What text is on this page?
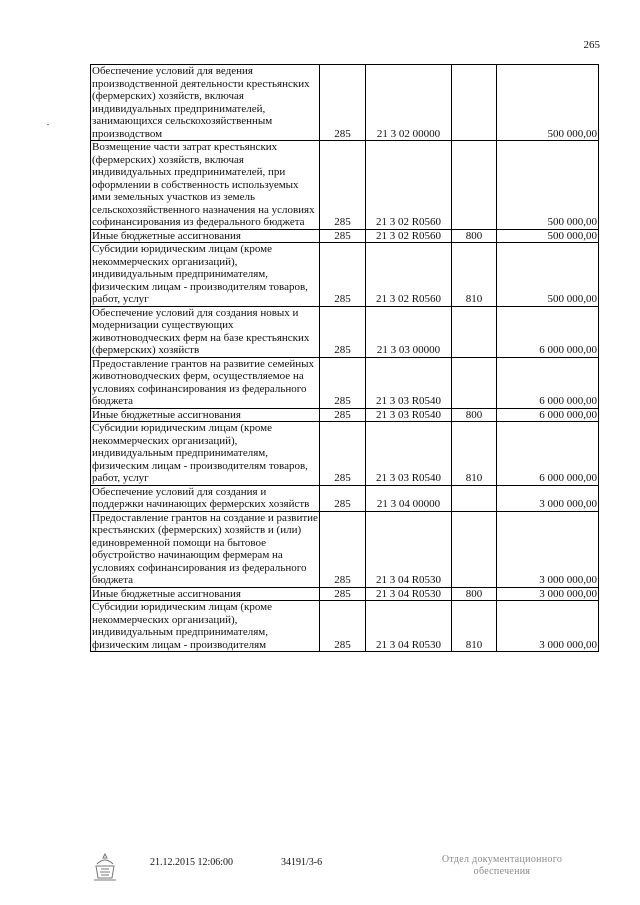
265
Обеспечение условий для ведения производственной деятельности крестьянских (фермерских) хозяйств, включая индивидуальных предпринимателей, занимающихся сельскохозяйственным производством	285	21 3 02 00000		500 000,00
Возмещение части затрат крестьянских (фермерских) хозяйств, включая индивидуальных предпринимателей, при оформлении в собственность используемых ими земельных участков из земель сельскохозяйственного назначения на условиях софинансирования из федерального бюджета	285	21 3 02 R0560		500 000,00
Иные бюджетные ассигнования	285	21 3 02 R0560	800	500 000,00
Субсидии юридическим лицам (кроме некоммерческих организаций), индивидуальным предпринимателям, физическим лицам - производителям товаров, работ, услуг	285	21 3 02 R0560	810	500 000,00
Обеспечение условий для создания новых и модернизации существующих животноводческих ферм на базе крестьянских (фермерских) хозяйств	285	21 3 03 00000		6 000 000,00
Предоставление грантов на развитие семейных животноводческих ферм, осуществляемое на условиях софинансирования из федерального бюджета	285	21 3 03 R0540		6 000 000,00
Иные бюджетные ассигнования	285	21 3 03 R0540	800	6 000 000,00
Субсидии юридическим лицам (кроме некоммерческих организаций), индивидуальным предпринимателям, физическим лицам - производителям товаров, работ, услуг	285	21 3 03 R0540	810	6 000 000,00
Обеспечение условий для создания и поддержки начинающих фермерских хозяйств	285	21 3 04 00000		3 000 000,00
Предоставление грантов на создание и развитие крестьянских (фермерских) хозяйств и (или) единовременной помощи на бытовое обустройство начинающим фермерам на условиях софинансирования из федерального бюджета	285	21 3 04 R0530		3 000 000,00
Иные бюджетные ассигнования	285	21 3 04 R0530	800	3 000 000,00
Субсидии юридическим лицам (кроме некоммерческих организаций), индивидуальным предпринимателям, физическим лицам - производителям	285	21 3 04 R0530	810	3 000 000,00
21.12.2015 12:06:00	34191/3-6	Отдел документационного
обеспечения
